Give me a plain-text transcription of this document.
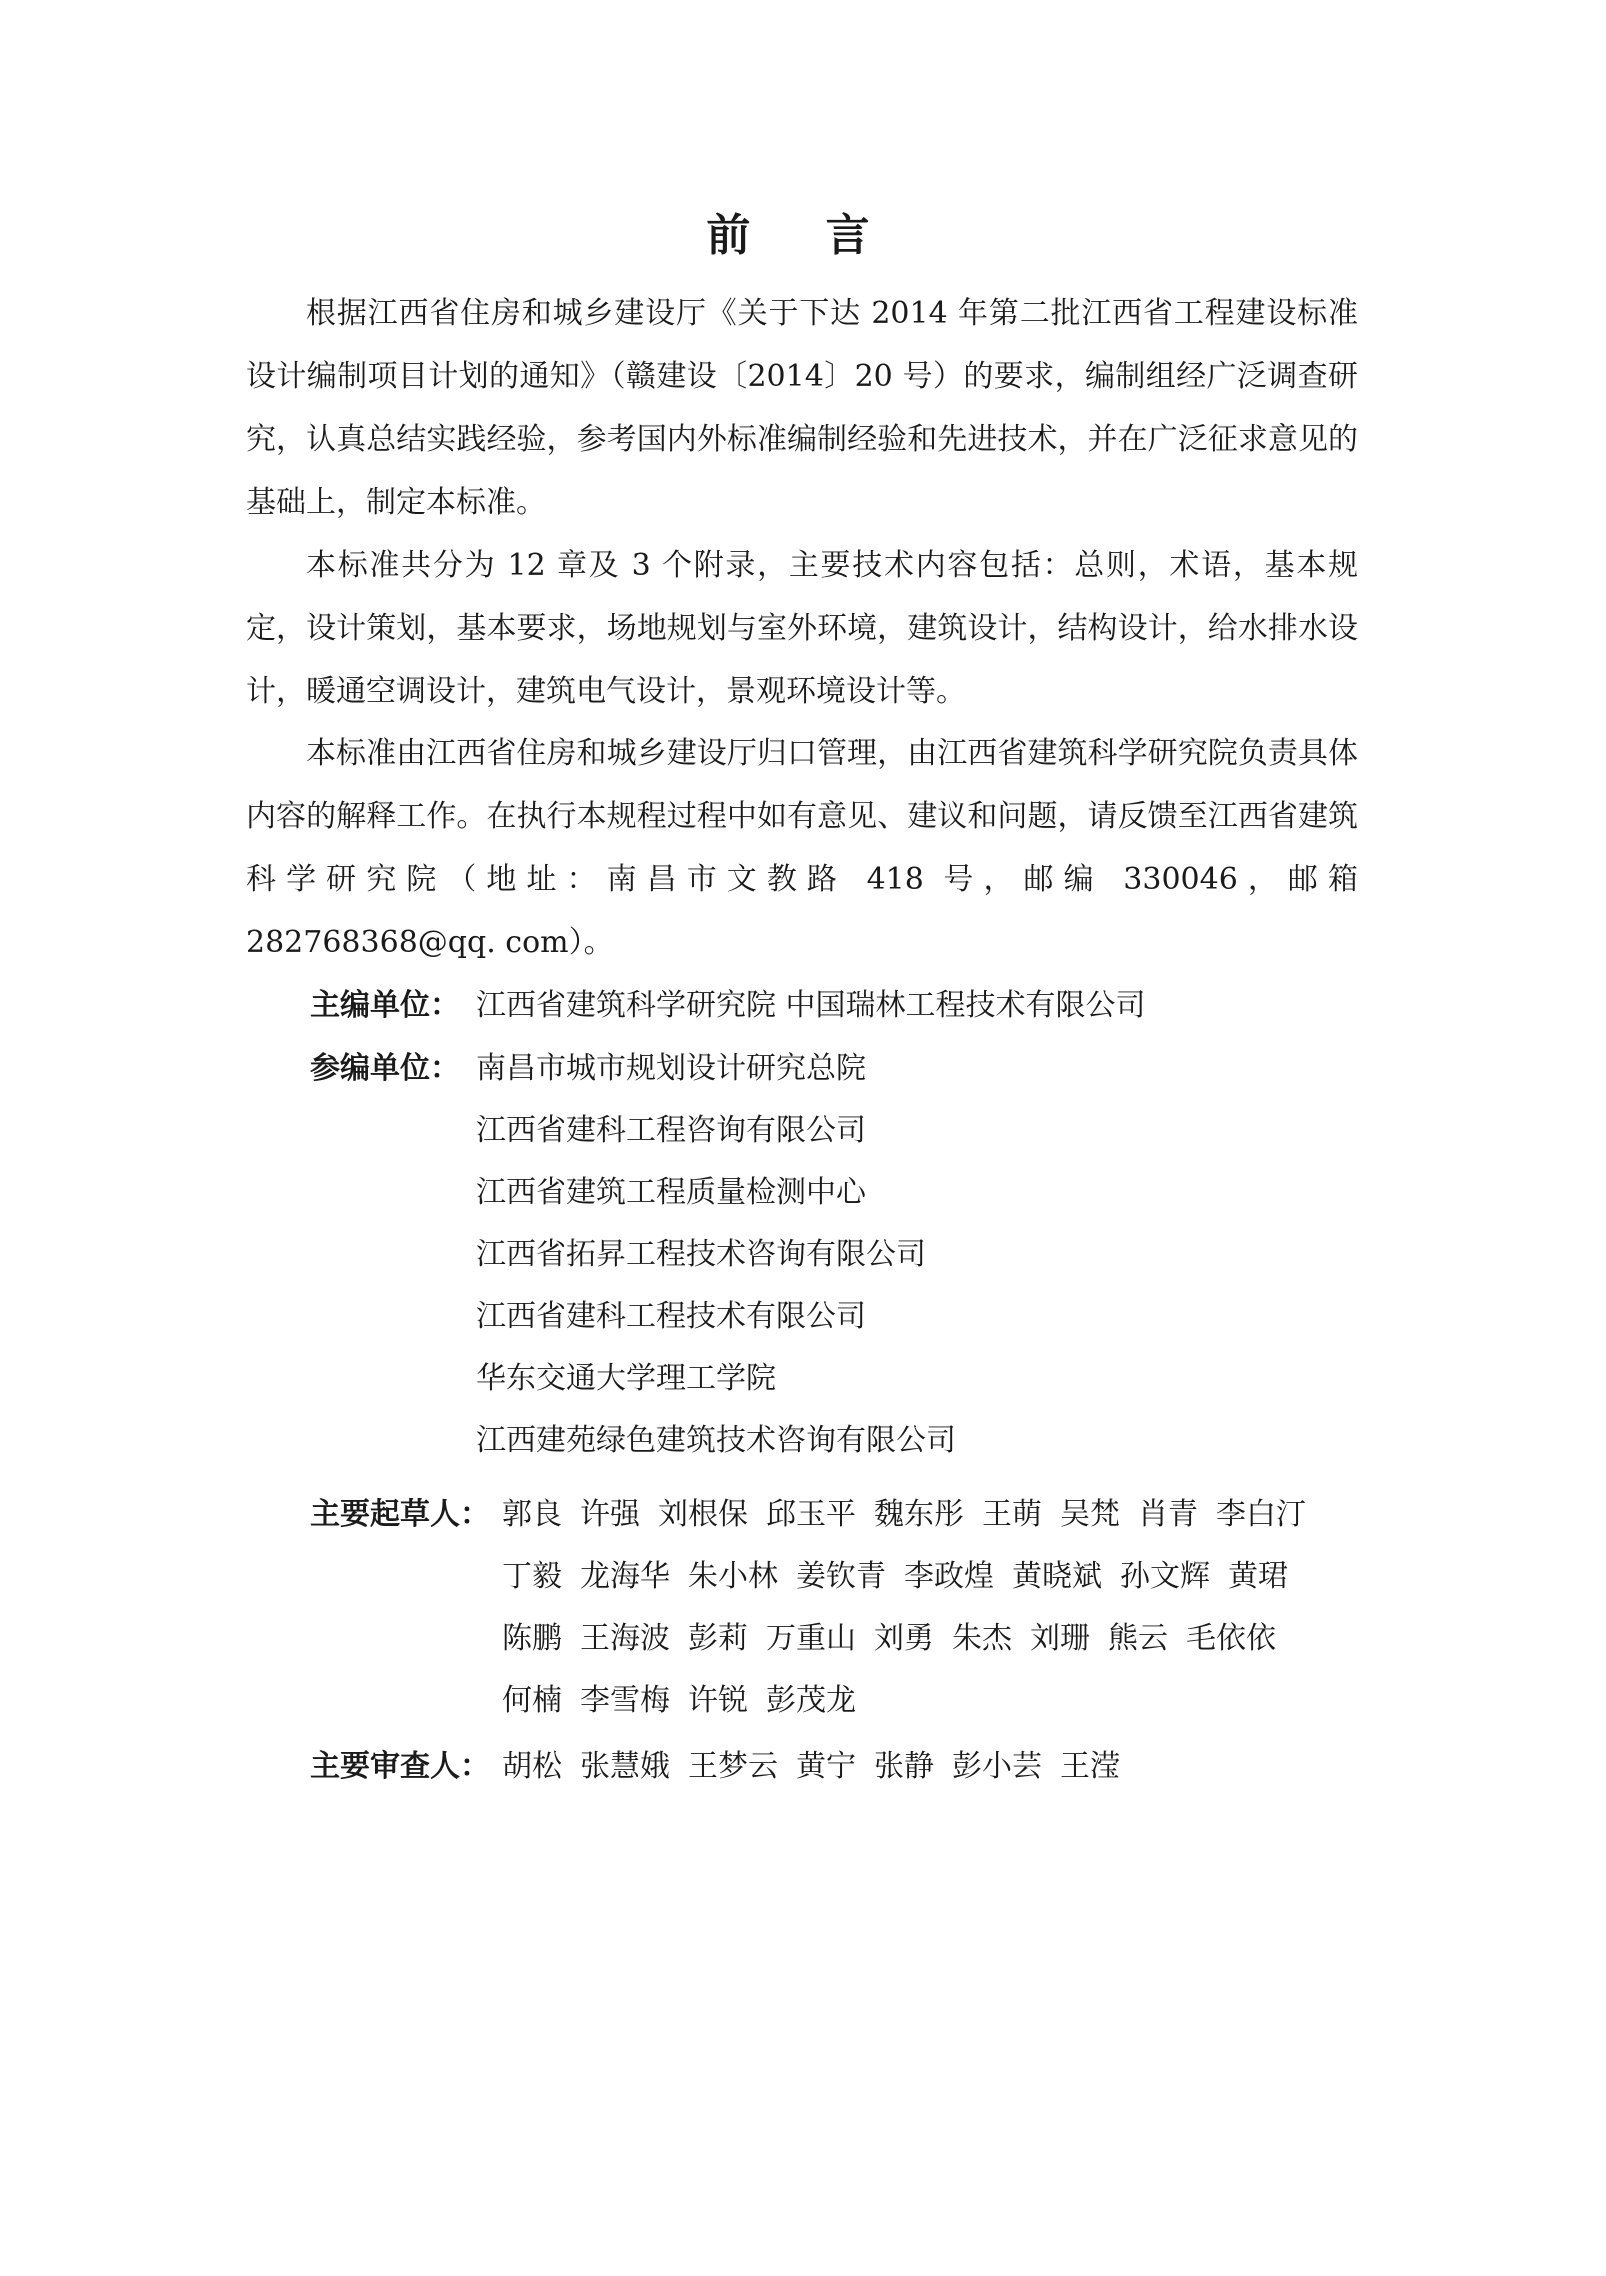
前 言

根据江西省住房和城乡建设厅《关于下达 2014 年第二批江西省工程建设标准设计编制项目计划的通知》（赣建设〔2014〕20 号）的要求，编制组经广泛调查研究，认真总结实践经验，参考国内外标准编制经验和先进技术，并在广泛征求意见的基础上，制定本标准。

本标准共分为 12 章及 3 个附录，主要技术内容包括：总则，术语，基本规定，设计策划，基本要求，场地规划与室外环境，建筑设计，结构设计，给水排水设计，暖通空调设计，建筑电气设计，景观环境设计等。

本标准由江西省住房和城乡建设厅归口管理，由江西省建筑科学研究院负责具体内容的解释工作。在执行本规程过程中如有意见、建议和问题，请反馈至江西省建筑科学研究院（地址：南昌市文教路 418 号，邮编 330046，邮箱 282768368@qq. com）。

主编单位： 江西省建筑科学研究院 中国瑞林工程技术有限公司
参编单位： 南昌市城市规划设计研究总院
江西省建科工程咨询有限公司
江西省建筑工程质量检测中心
江西省拓昇工程技术咨询有限公司
江西省建科工程技术有限公司
华东交通大学理工学院
江西建苑绿色建筑技术咨询有限公司
主要起草人： 郭良 许强 刘根保 邱玉平 魏东彤 王萌 吴梵 肖青 李白汀
丁毅 龙海华 朱小林 姜钦青 李政煌 黄晓斌 孙文辉 黄珺
陈鹏 王海波 彭莉 万重山 刘勇 朱杰 刘珊 熊云 毛依依
何楠 李雪梅 许锐 彭茂龙
主要审查人： 胡松 张慧娥 王梦云 黄宁 张静 彭小芸 王滢
